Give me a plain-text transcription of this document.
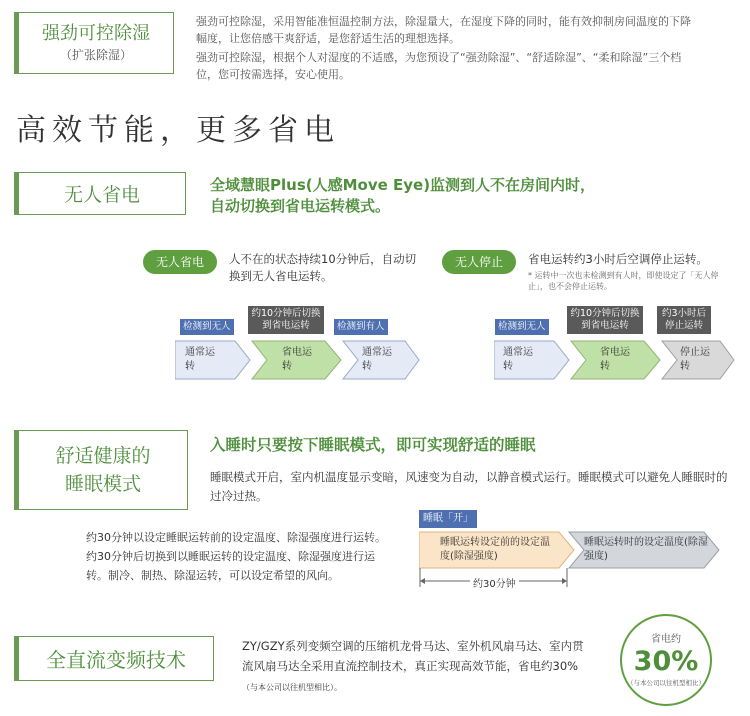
强劲可控除湿
（扩张除湿）
强劲可控除湿，采用智能准恒温控制方法，除湿量大，在湿度下降的同时，能有效抑制房间温度的下降幅度，让您倍感干爽舒适，是您舒适生活的理想选择。
强劲可控除湿，根据个人对湿度的不适感，为您预设了“强劲除湿”、“舒适除湿”、“柔和除湿”三个档位，您可按需选择，安心使用。
高效节能，更多省电
无人省电	全域慧眼Plus(人感Move Eye)监测到人不在房间内时，
自动切换到省电运转模式。
无人省电	人不在的状态持续10分钟后，自动切换到无人省电运转。
检测到无人
约10分钟后切换到省电运转	检测到有人
通常运转
省电运转
通常运转
无人停止	省电运转约3小时后空调停止运转。
* 运转中一次也未检测到有人时，即使设定了「无人停止」，也不会停止运转。
检测到无人
约10分钟后切换到省电运转
约3小时后停止运转
通常运转
省电运转
停止运转
舒适健康的
睡眠模式
入睡时只要按下睡眠模式，即可实现舒适的睡眠
睡眠模式开启，室内机温度显示变暗，风速变为自动，以静音模式运行。睡眠模式可以避免人睡眠时的过冷过热。
约30分钟以设定睡眠运转前的设定温度、除湿强度进行运转。约30分钟后切换到以睡眠运转的设定温度、除湿强度进行运转。制冷、制热、除湿运转，可以设定希望的风向。
睡眠「开」
睡眠运转设定前的设定温度(除湿强度)
睡眠运转时的设定温度(除湿强度)
约30分钟
全直流变频技术
ZY/GZY系列变频空调的压缩机龙骨马达、室外机风扇马达、室内贯流风扇马达全采用直流控制技术，真正实现高效节能，省电约30%（与本公司以往机型相比）。
省电约
30%
（与本公司以往机型相比）
